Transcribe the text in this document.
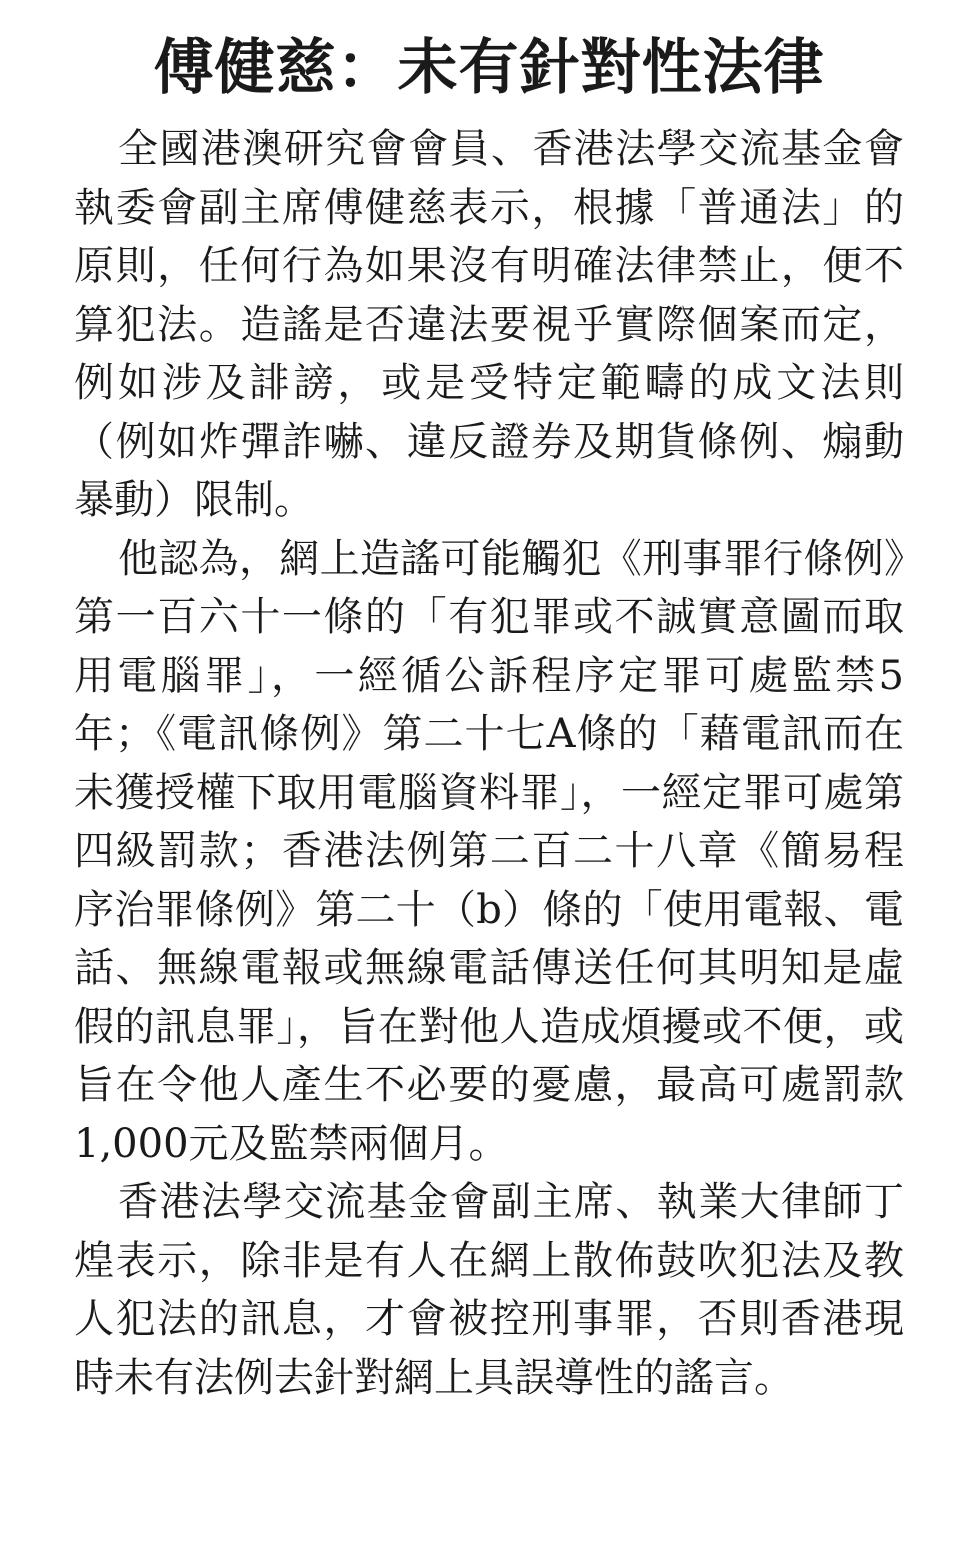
傅健慈：未有針對性法律

全國港澳研究會會員、香港法學交流基金會執委會副主席傅健慈表示，根據「普通法」的原則，任何行為如果沒有明確法律禁止，便不算犯法。造謠是否違法要視乎實際個案而定，例如涉及誹謗，或是受特定範疇的成文法則（例如炸彈詐嚇、違反證券及期貨條例、煽動暴動）限制。

他認為，網上造謠可能觸犯《刑事罪行條例》第一百六十一條的「有犯罪或不誠實意圖而取用電腦罪」，一經循公訴程序定罪可處監禁5年；《電訊條例》第二十七A條的「藉電訊而在未獲授權下取用電腦資料罪」，一經定罪可處第四級罰款；香港法例第二百二十八章《簡易程序治罪條例》第二十（b）條的「使用電報、電話、無線電報或無線電話傳送任何其明知是虛假的訊息罪」，旨在對他人造成煩擾或不便，或旨在令他人產生不必要的憂慮，最高可處罰款1,000元及監禁兩個月。

香港法學交流基金會副主席、執業大律師丁煌表示，除非是有人在網上散佈鼓吹犯法及教人犯法的訊息，才會被控刑事罪，否則香港現時未有法例去針對網上具誤導性的謠言。
